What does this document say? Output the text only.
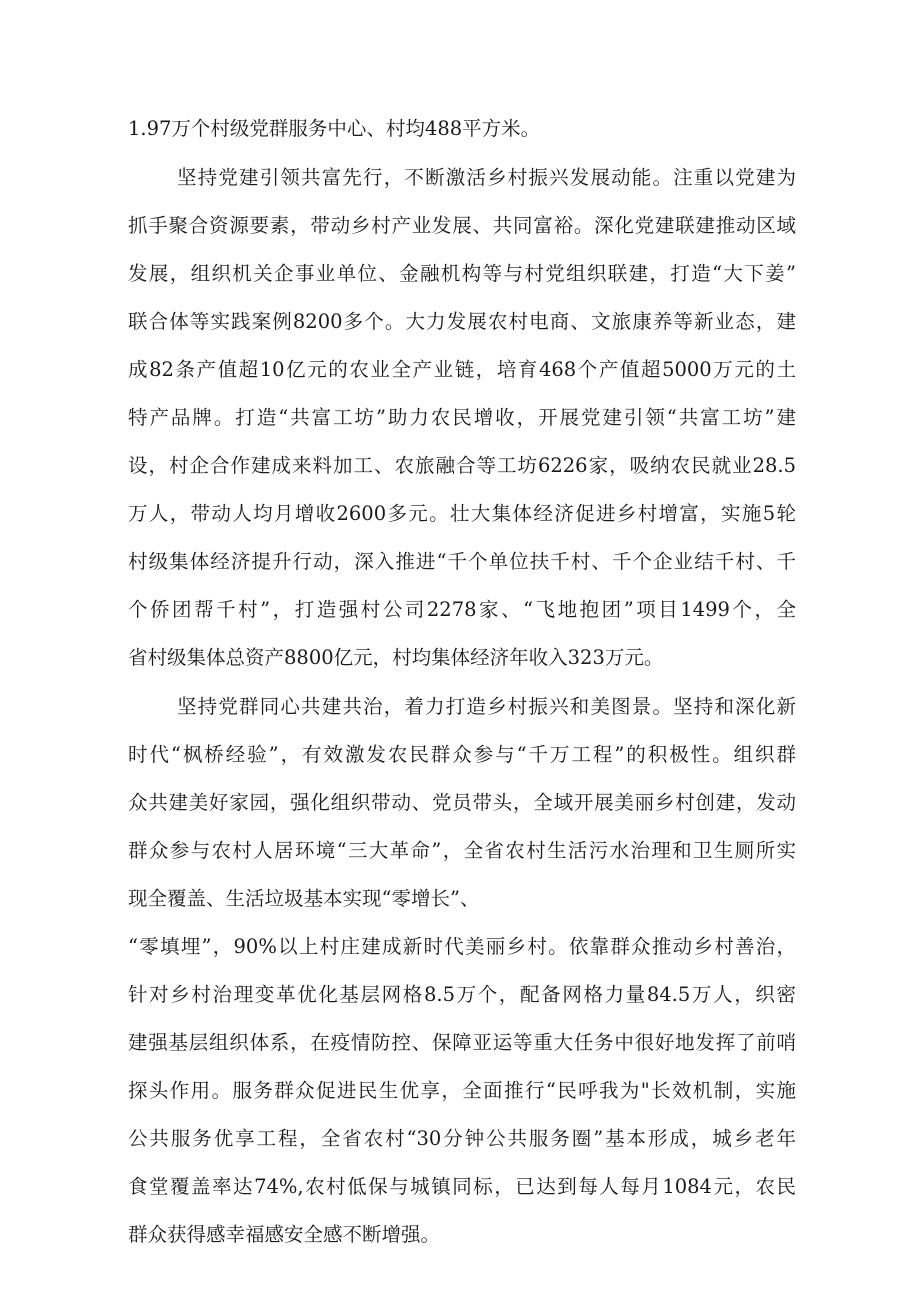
1.97万个村级党群服务中心、村均488平方米。
坚持党建引领共富先行，不断激活乡村振兴发展动能。注重以党建为
抓手聚合资源要素，带动乡村产业发展、共同富裕。深化党建联建推动区域
发展，组织机关企事业单位、金融机构等与村党组织联建，打造“大下姜”
联合体等实践案例8200多个。大力发展农村电商、文旅康养等新业态，建
成82条产值超10亿元的农业全产业链，培育468个产值超5000万元的土
特产品牌。打造“共富工坊”助力农民增收，开展党建引领“共富工坊”建
设，村企合作建成来料加工、农旅融合等工坊6226家，吸纳农民就业28.5
万人，带动人均月增收2600多元。壮大集体经济促进乡村增富，实施5轮
村级集体经济提升行动，深入推进“千个单位扶千村、千个企业结千村、千
个侨团帮千村”，打造强村公司2278家、“飞地抱团”项目1499个，全
省村级集体总资产8800亿元，村均集体经济年收入323万元。
坚持党群同心共建共治，着力打造乡村振兴和美图景。坚持和深化新
时代“枫桥经验”，有效激发农民群众参与“千万工程”的积极性。组织群
众共建美好家园，强化组织带动、党员带头，全域开展美丽乡村创建，发动
群众参与农村人居环境“三大革命”，全省农村生活污水治理和卫生厕所实
现全覆盖、生活垃圾基本实现“零增长”、
“零填埋”，90%以上村庄建成新时代美丽乡村。依靠群众推动乡村善治，
针对乡村治理变革优化基层网格8.5万个，配备网格力量84.5万人，织密
建强基层组织体系，在疫情防控、保障亚运等重大任务中很好地发挥了前哨
探头作用。服务群众促进民生优享，全面推行“民呼我为"长效机制，实施
公共服务优享工程，全省农村“30分钟公共服务圈”基本形成，城乡老年
食堂覆盖率达74%,农村低保与城镇同标，已达到每人每月1084元，农民
群众获得感幸福感安全感不断增强。
